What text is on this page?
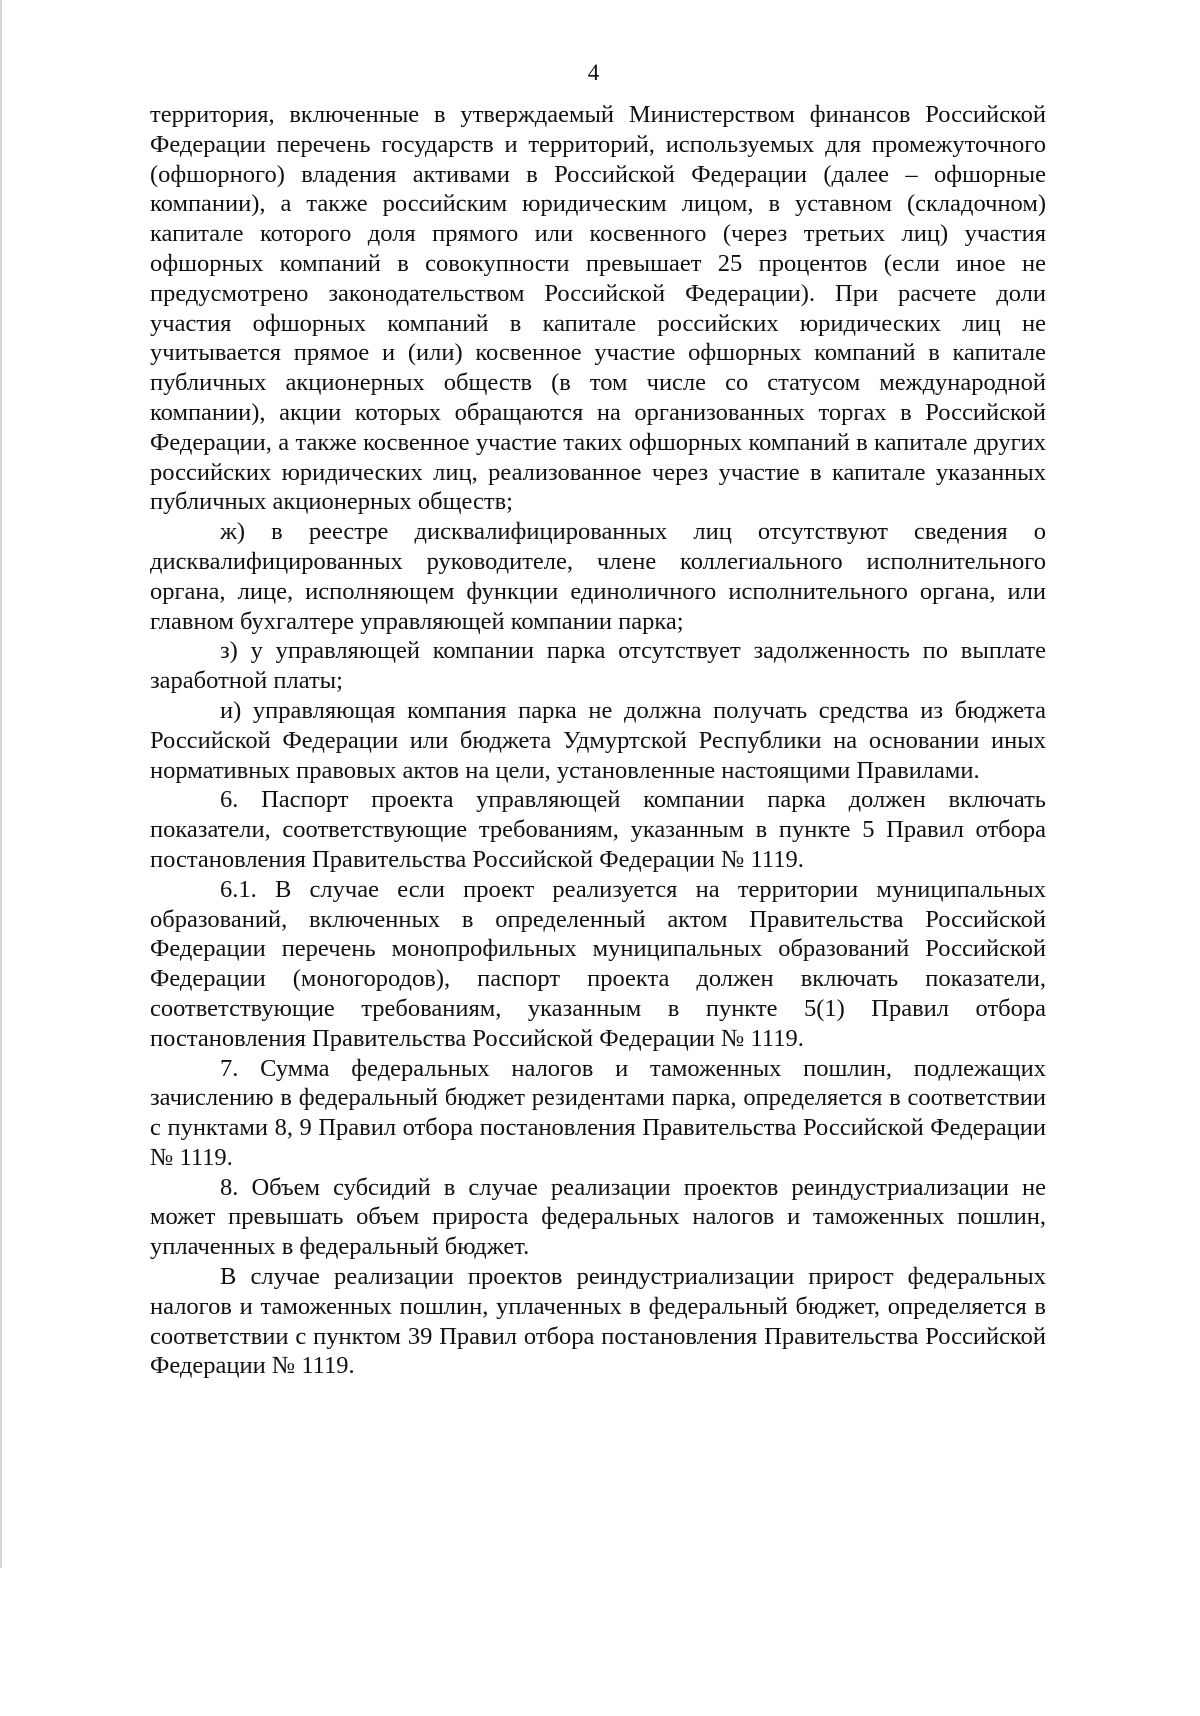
4

территория, включенные в утверждаемый Министерством финансов Российской Федерации перечень государств и территорий, используемых для промежуточного (офшорного) владения активами в Российской Федерации (далее – офшорные компании), а также российским юридическим лицом, в уставном (складочном) капитале которого доля прямого или косвенного (через третьих лиц) участия офшорных компаний в совокупности превышает 25 процентов (если иное не предусмотрено законодательством Российской Федерации). При расчете доли участия офшорных компаний в капитале российских юридических лиц не учитывается прямое и (или) косвенное участие офшорных компаний в капитале публичных акционерных обществ (в том числе со статусом международной компании), акции которых обращаются на организованных торгах в Российской Федерации, а также косвенное участие таких офшорных компаний в капитале других российских юридических лиц, реализованное через участие в капитале указанных публичных акционерных обществ;

ж) в реестре дисквалифицированных лиц отсутствуют сведения о дисквалифицированных руководителе, члене коллегиального исполнительного органа, лице, исполняющем функции единоличного исполнительного органа, или главном бухгалтере управляющей компании парка;

з) у управляющей компании парка отсутствует задолженность по выплате заработной платы;

и) управляющая компания парка не должна получать средства из бюджета Российской Федерации или бюджета Удмуртской Республики на основании иных нормативных правовых актов на цели, установленные настоящими Правилами.

6. Паспорт проекта управляющей компании парка должен включать показатели, соответствующие требованиям, указанным в пункте 5 Правил отбора постановления Правительства Российской Федерации № 1119.

6.1. В случае если проект реализуется на территории муниципальных образований, включенных в определенный актом Правительства Российской Федерации перечень монопрофильных муниципальных образований Российской Федерации (моногородов), паспорт проекта должен включать показатели, соответствующие требованиям, указанным в пункте 5(1) Правил отбора постановления Правительства Российской Федерации № 1119.

7. Сумма федеральных налогов и таможенных пошлин, подлежащих зачислению в федеральный бюджет резидентами парка, определяется в соответствии с пунктами 8, 9 Правил отбора постановления Правительства Российской Федерации № 1119.

8. Объем субсидий в случае реализации проектов реиндустриализации не может превышать объем прироста федеральных налогов и таможенных пошлин, уплаченных в федеральный бюджет.

В случае реализации проектов реиндустриализации прирост федеральных налогов и таможенных пошлин, уплаченных в федеральный бюджет, определяется в соответствии с пунктом 39 Правил отбора постановления Правительства Российской Федерации № 1119.
